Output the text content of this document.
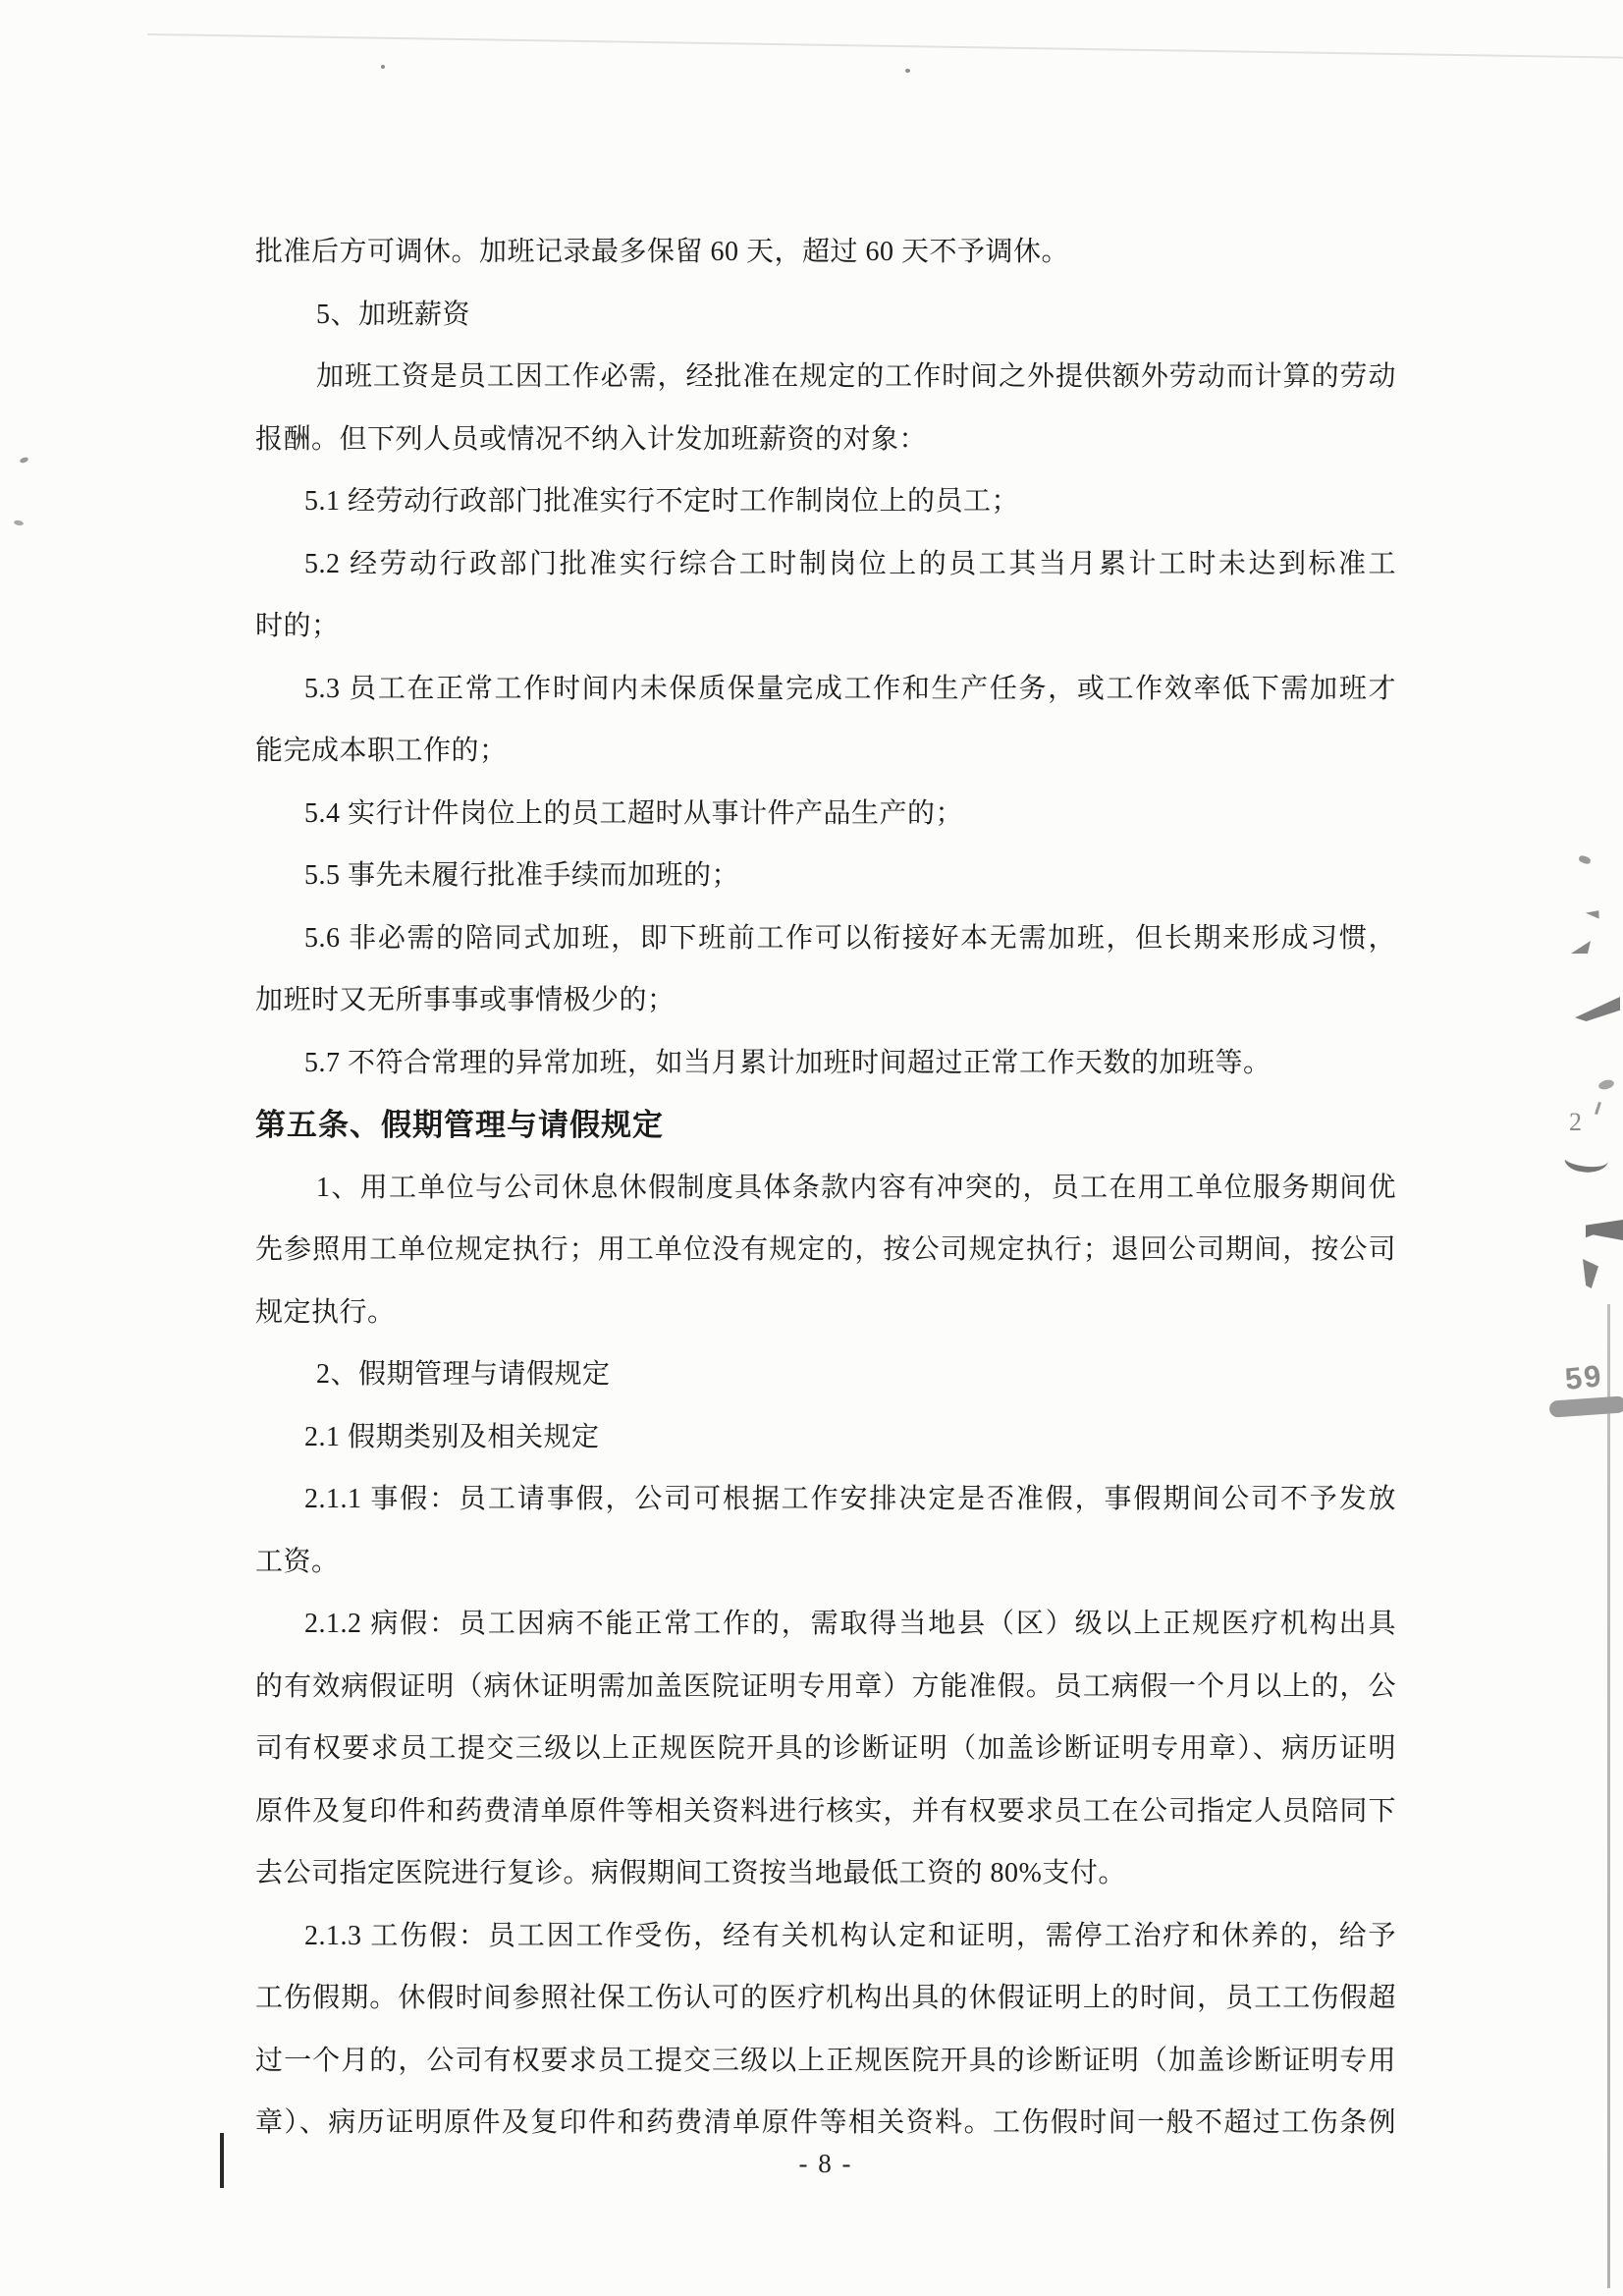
批准后方可调休。加班记录最多保留 60 天，超过 60 天不予调休。
5、加班薪资
加班工资是员工因工作必需，经批准在规定的工作时间之外提供额外劳动而计算的劳动
报酬。但下列人员或情况不纳入计发加班薪资的对象：
5.1 经劳动行政部门批准实行不定时工作制岗位上的员工；
5.2 经劳动行政部门批准实行综合工时制岗位上的员工其当月累计工时未达到标准工
时的；
5.3 员工在正常工作时间内未保质保量完成工作和生产任务，或工作效率低下需加班才
能完成本职工作的；
5.4 实行计件岗位上的员工超时从事计件产品生产的；
5.5 事先未履行批准手续而加班的；
5.6 非必需的陪同式加班，即下班前工作可以衔接好本无需加班，但长期来形成习惯，
加班时又无所事事或事情极少的；
5.7 不符合常理的异常加班，如当月累计加班时间超过正常工作天数的加班等。
第五条、假期管理与请假规定
1、用工单位与公司休息休假制度具体条款内容有冲突的，员工在用工单位服务期间优
先参照用工单位规定执行；用工单位没有规定的，按公司规定执行；退回公司期间，按公司
规定执行。
2、假期管理与请假规定
2.1 假期类别及相关规定
2.1.1 事假：员工请事假，公司可根据工作安排决定是否准假，事假期间公司不予发放
工资。
2.1.2 病假：员工因病不能正常工作的，需取得当地县（区）级以上正规医疗机构出具
的有效病假证明（病休证明需加盖医院证明专用章）方能准假。员工病假一个月以上的，公
司有权要求员工提交三级以上正规医院开具的诊断证明（加盖诊断证明专用章）、病历证明
原件及复印件和药费清单原件等相关资料进行核实，并有权要求员工在公司指定人员陪同下
去公司指定医院进行复诊。病假期间工资按当地最低工资的 80%支付。
2.1.3 工伤假：员工因工作受伤，经有关机构认定和证明，需停工治疗和休养的，给予
工伤假期。休假时间参照社保工伤认可的医疗机构出具的休假证明上的时间，员工工伤假超
过一个月的，公司有权要求员工提交三级以上正规医院开具的诊断证明（加盖诊断证明专用
章）、病历证明原件及复印件和药费清单原件等相关资料。工伤假时间一般不超过工伤条例
- 8 -
2
59
